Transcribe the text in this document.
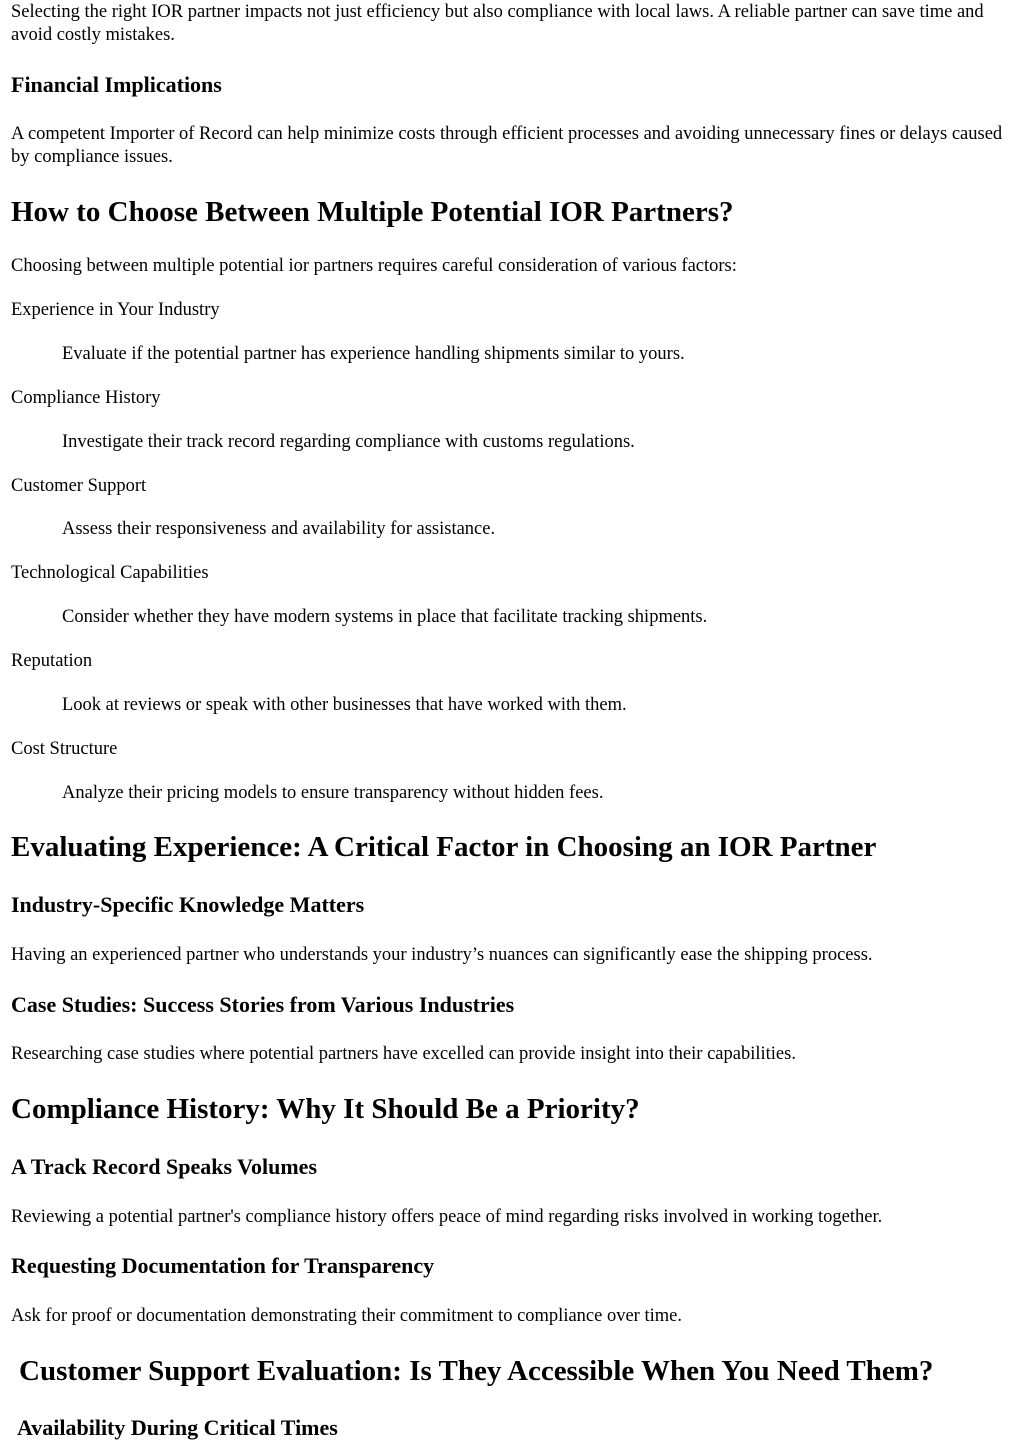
Selecting the right IOR partner impacts not just efficiency but also compliance with local laws. A reliable partner can save time and avoid costly mistakes.

Financial Implications

A competent Importer of Record can help minimize costs through efficient processes and avoiding unnecessary fines or delays caused by compliance issues.

How to Choose Between Multiple Potential IOR Partners?

Choosing between multiple potential ior partners requires careful consideration of various factors:

Experience in Your Industry
Evaluate if the potential partner has experience handling shipments similar to yours.
Compliance History
Investigate their track record regarding compliance with customs regulations.
Customer Support
Assess their responsiveness and availability for assistance.
Technological Capabilities
Consider whether they have modern systems in place that facilitate tracking shipments.
Reputation
Look at reviews or speak with other businesses that have worked with them.
Cost Structure
Analyze their pricing models to ensure transparency without hidden fees.
Evaluating Experience: A Critical Factor in Choosing an IOR Partner
Industry-Specific Knowledge Matters

Having an experienced partner who understands your industry’s nuances can significantly ease the shipping process.

Case Studies: Success Stories from Various Industries

Researching case studies where potential partners have excelled can provide insight into their capabilities.

Compliance History: Why It Should Be a Priority?
A Track Record Speaks Volumes

Reviewing a potential partner's compliance history offers peace of mind regarding risks involved in working together.

Requesting Documentation for Transparency

Ask for proof or documentation demonstrating their commitment to compliance over time.

Customer Support Evaluation: Is They Accessible When You Need Them?
Availability During Critical Times
